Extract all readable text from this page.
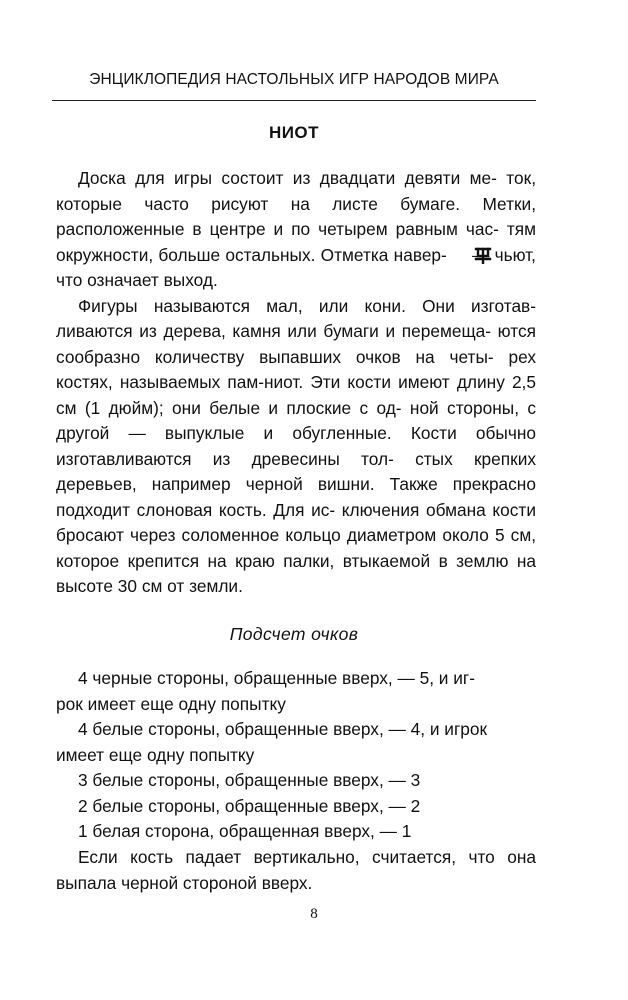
ЭНЦИКЛОПЕДИЯ НАСТОЛЬНЫХ ИГР НАРОДОВ МИРА
НИОТ

Доска для игры состоит из двадцати девяти ме- ток, которые часто рисуют на листе бумаге. Метки, расположенные в центре и по четырем равным час- тям окружности, больше остальных. Отметка навер- — чьют, что означает выход.

Фигуры называются мал, или кони. Они изготав- ливаются из дерева, камня или бумаги и перемеща- ются сообразно количеству выпавших очков на четы- рех костях, называемых пам-ниот. Эти кости имеют длину 2,5 см (1 дюйм); они белые и плоские с од- ной стороны, с другой — выпуклые и обугленные. Кости обычно изготавливаются из древесины тол- стых крепких деревьев, например черной вишни. Также прекрасно подходит слоновая кость. Для ис- ключения обмана кости бросают через соломенное кольцо диаметром около 5 см, которое крепится на краю палки, втыкаемой в землю на высоте 30 см от земли.

Подсчет очков

4 черные стороны, обращенные вверх, — 5, и иг-
рок имеет еще одну попытку

4 белые стороны, обращенные вверх, — 4, и игрок
имеет еще одну попытку

3 белые стороны, обращенные вверх, — 3

2 белые стороны, обращенные вверх, — 2

1 белая сторона, обращенная вверх, — 1

Если кость падает вертикально, считается, что она выпала черной стороной вверх.

8
